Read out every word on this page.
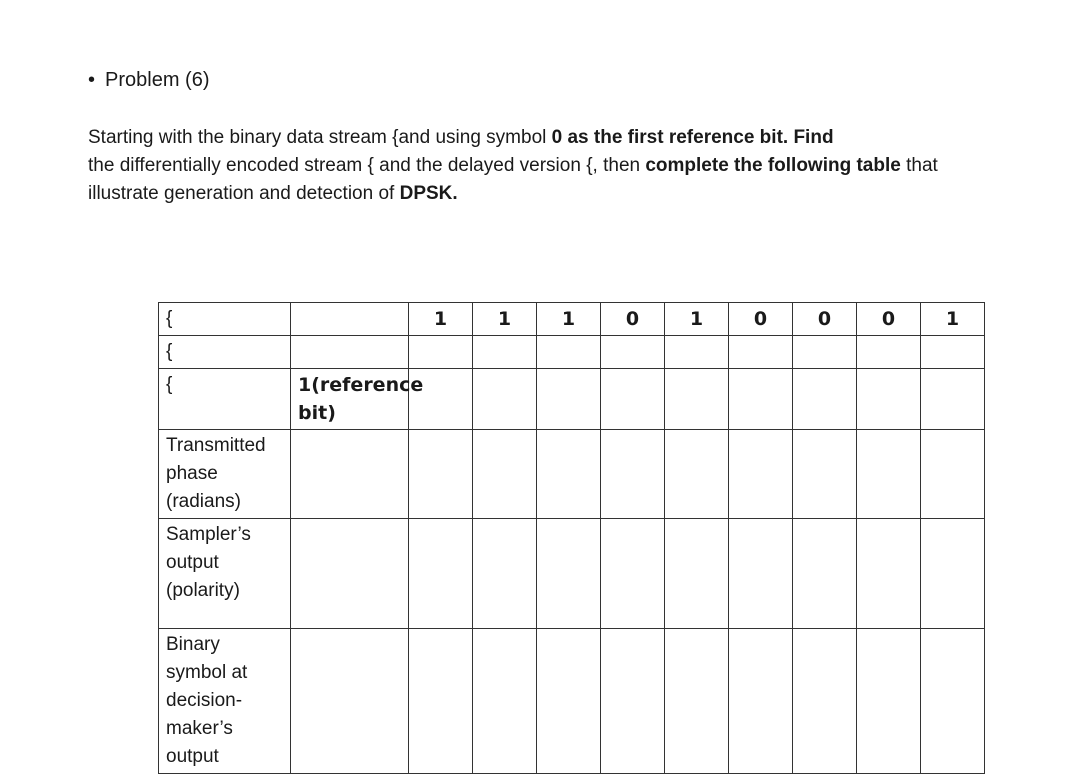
• Problem (6)
Starting with the binary data stream {and using symbol 0 as the first reference bit. Find
the differentially encoded stream { and the delayed version {, then complete the following table that illustrate generation and detection of DPSK.
{		1	1	1	0	1	0	0	0	1
{										
{	1(reference bit)									
Transmitted phase (radians)										
Sampler’s output (polarity)										
Binary symbol at decision-maker’s output										
